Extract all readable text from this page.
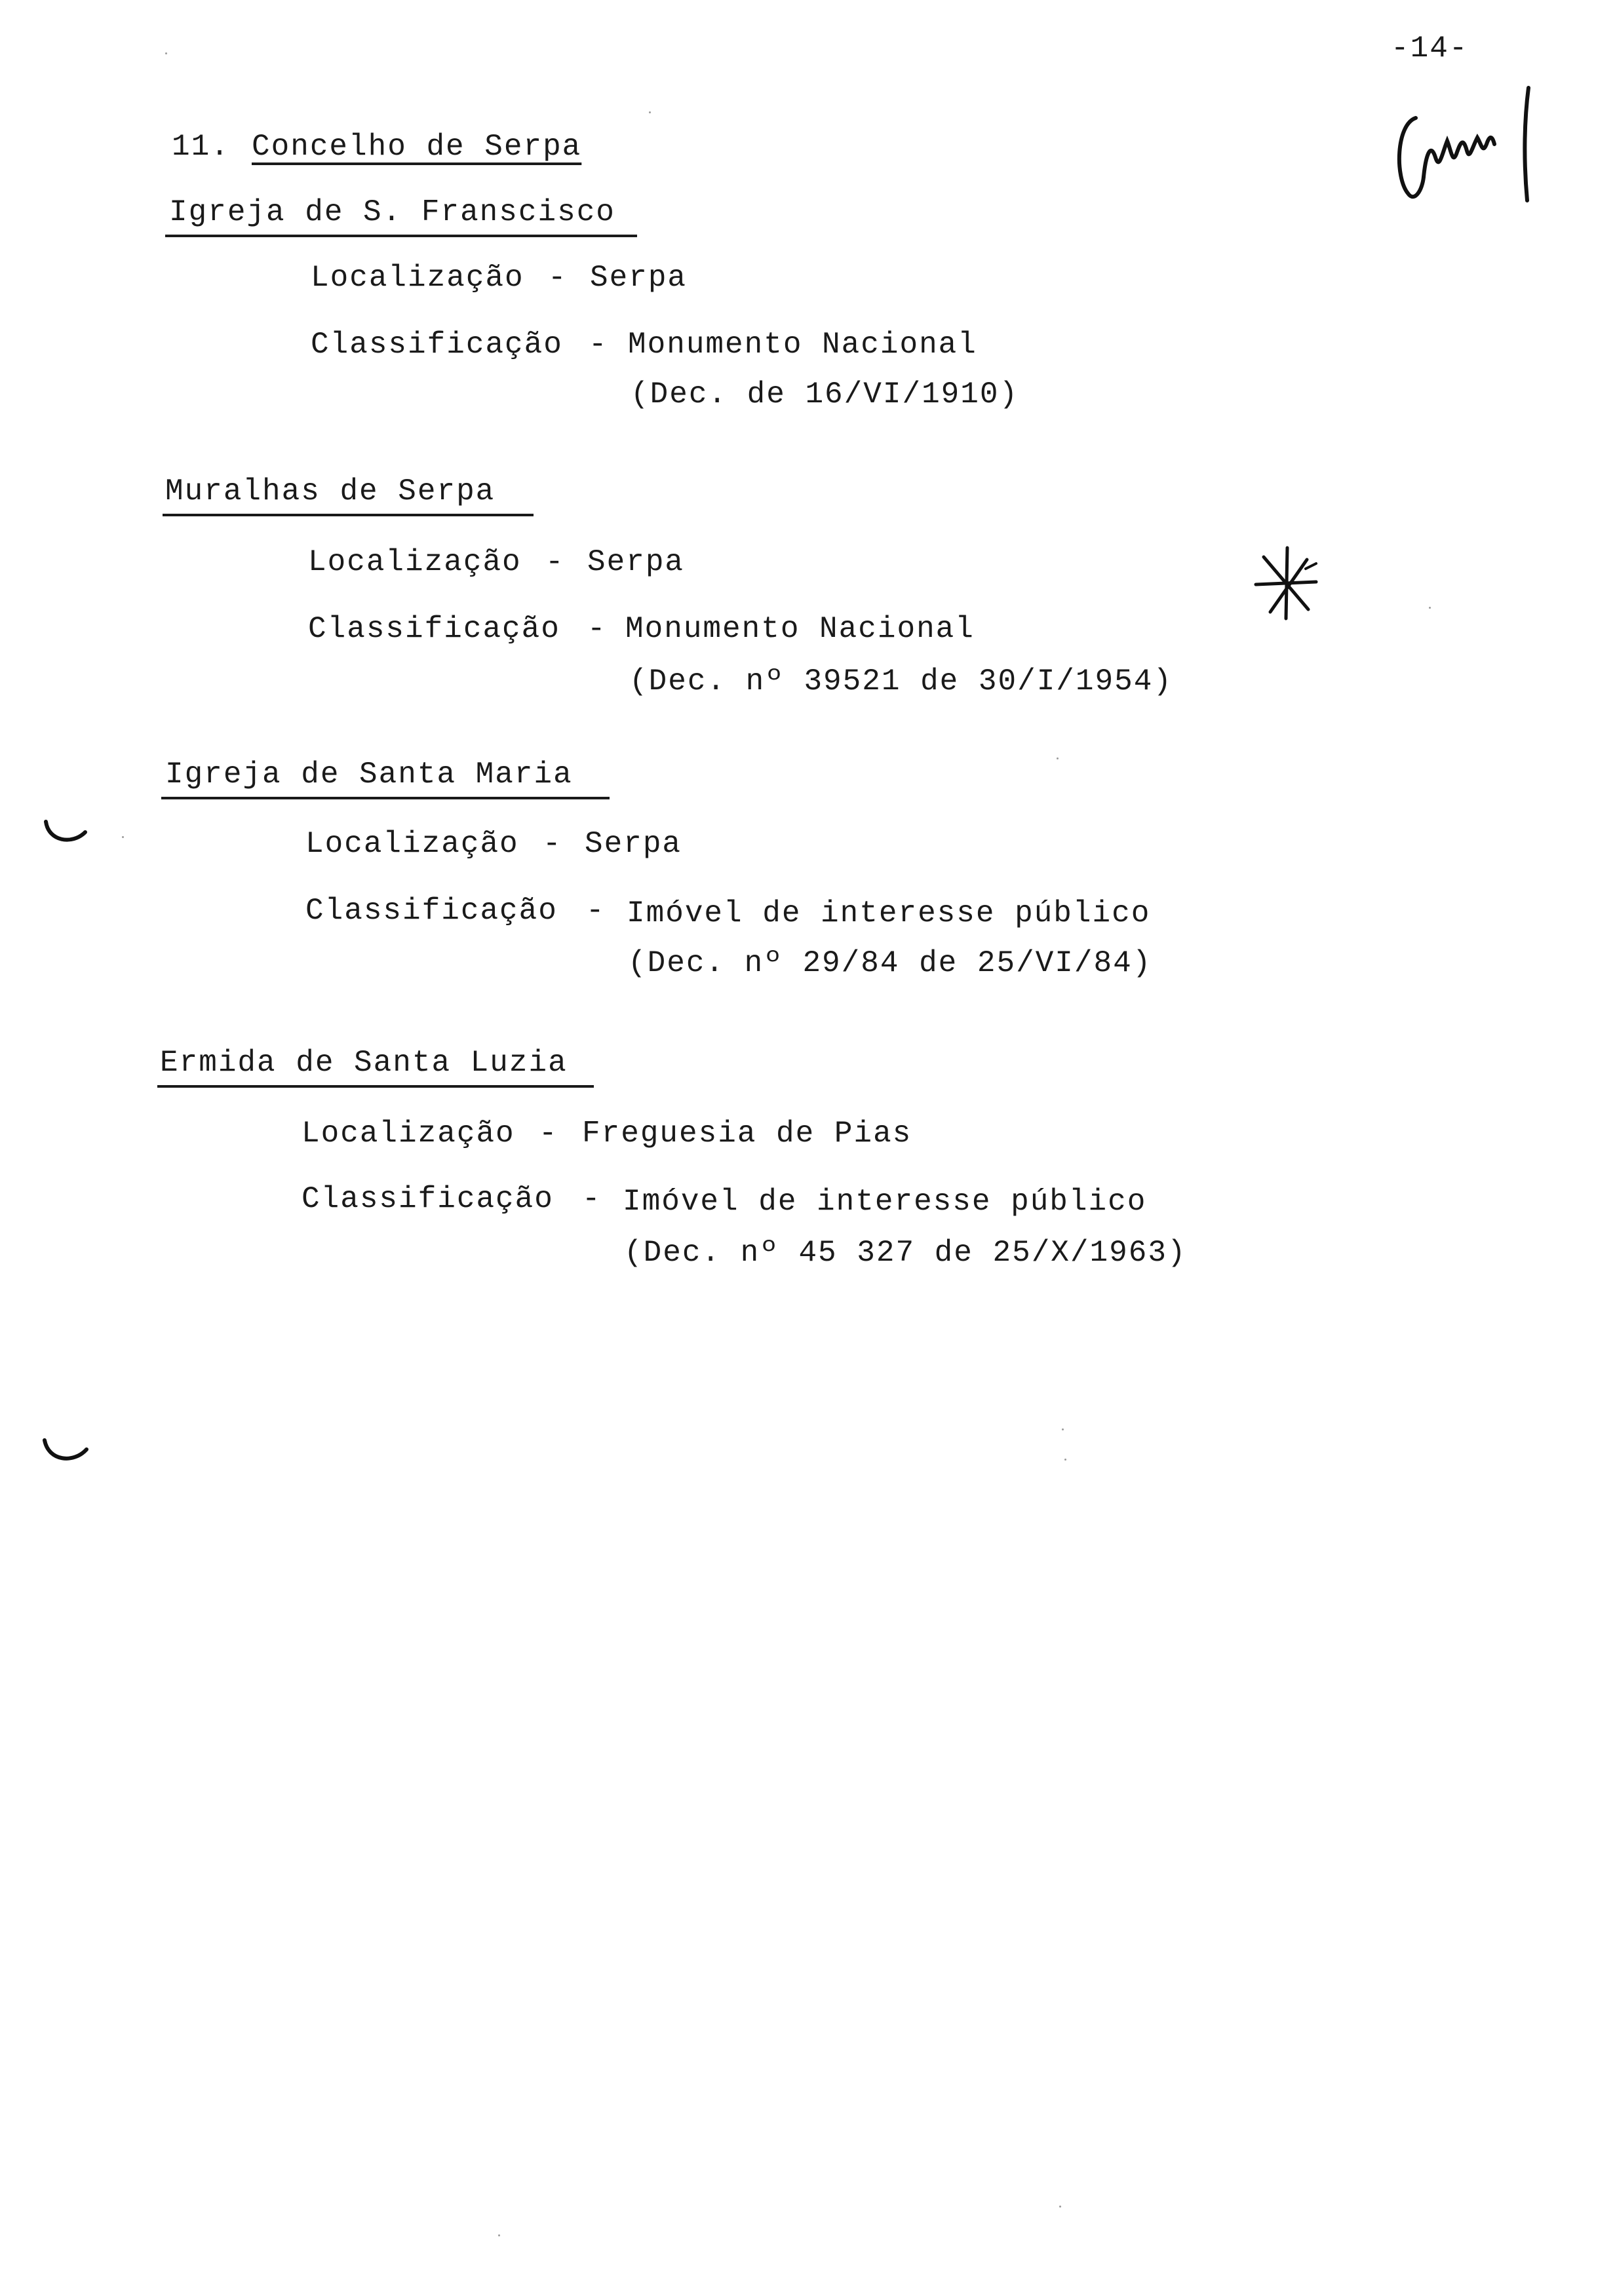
-14-
11. Concelho de Serpa
Igreja de S. Franscisco
Localização - Serpa
Classificação - Monumento Nacional
(Dec. de 16/VI/1910)
Muralhas de Serpa
Localização - Serpa
Classificação - Monumento Nacional
(Dec. nº 39521 de 30/I/1954)
Igreja de Santa Maria
Localização - Serpa
Classificação - Imóvel de interesse público
(Dec. nº 29/84 de 25/VI/84)
Ermida de Santa Luzia
Localização - Freguesia de Pias
Classificação - Imóvel de interesse público
(Dec. nº 45 327 de 25/X/1963)
